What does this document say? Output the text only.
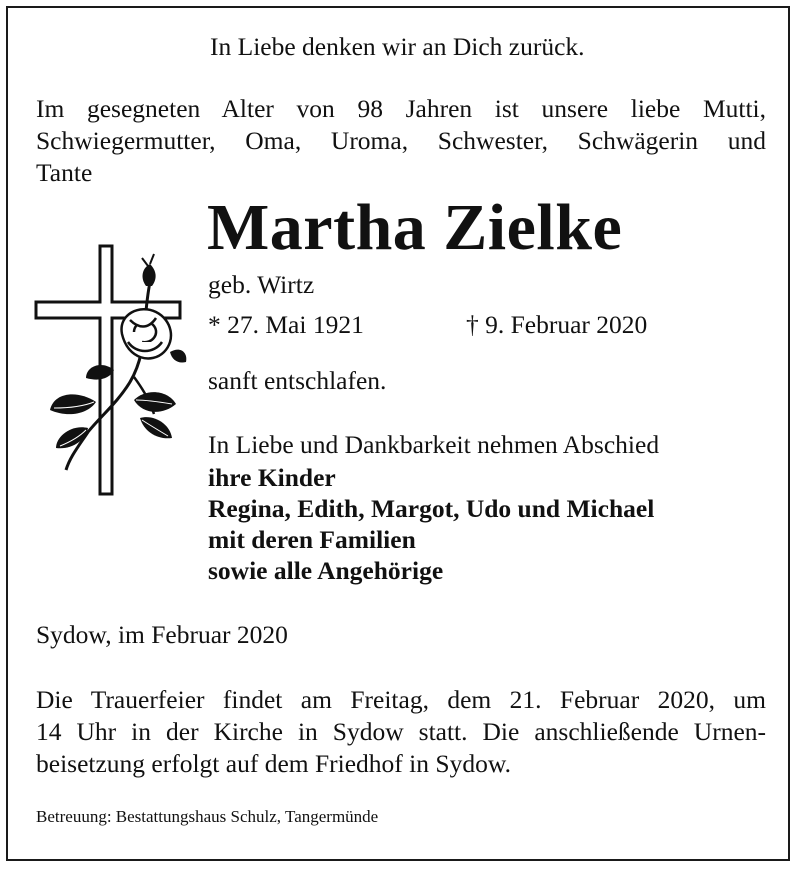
In Liebe denken wir an Dich zurück.
Im gesegneten Alter von 98 Jahren ist unsere liebe Mutti,
Schwiegermutter, Oma, Uroma, Schwester, Schwägerin und
Tante
Martha Zielke
geb. Wirtz
* 27. Mai 1921	† 9. Februar 2020
sanft entschlafen.
In Liebe und Dankbarkeit nehmen Abschied
ihre Kinder
Regina, Edith, Margot, Udo und Michael
mit deren Familien
sowie alle Angehörige
Sydow, im Februar 2020
Die Trauerfeier findet am Freitag, dem 21. Februar 2020, um
14 Uhr in der Kirche in Sydow statt. Die anschließende Urnen-
beisetzung erfolgt auf dem Friedhof in Sydow.
Betreuung: Bestattungshaus Schulz, Tangermünde
